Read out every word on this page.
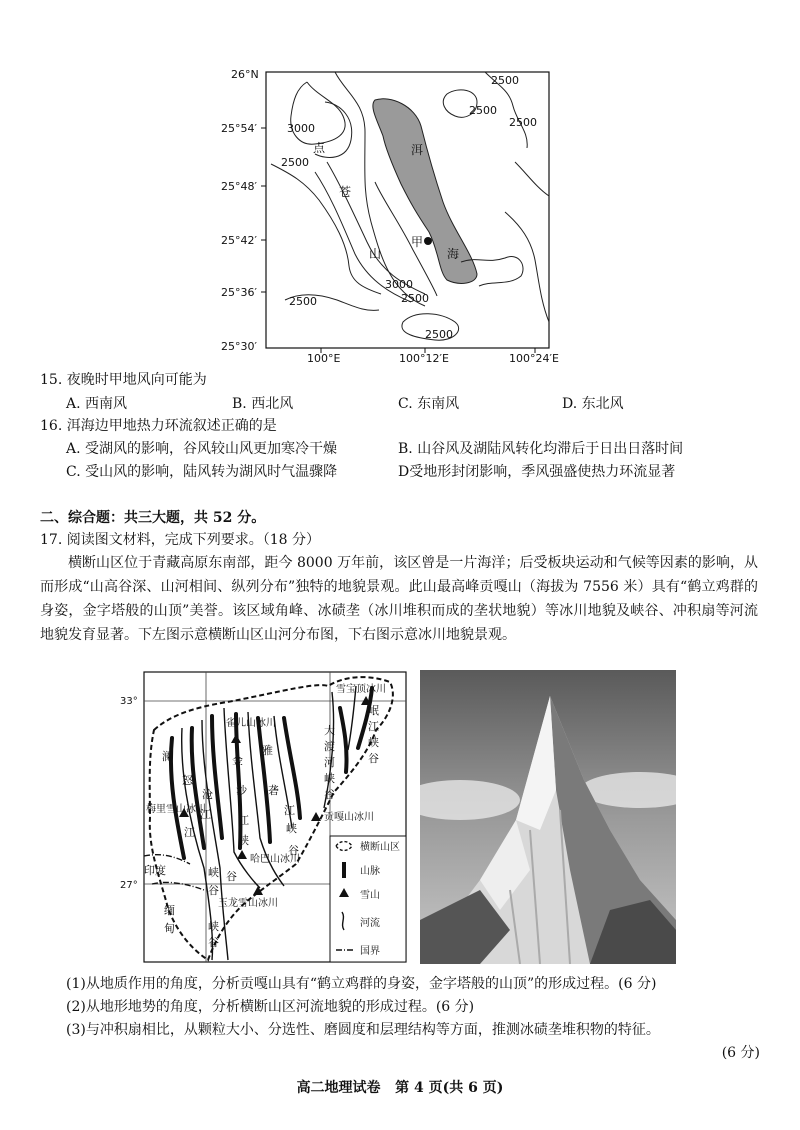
26°N
25°54′
25°48′
25°42′
25°36′
25°30′
100°E	100°12′E	100°24′E
2500
2500
2500
3000
2500
3000
2500
2500
2500
点
苍
山
洱
海
甲
15. 夜晚时甲地风向可能为
A. 西南风	B. 西北风	C. 东南风	D. 东北风
16. 洱海边甲地热力环流叙述正确的是
A. 受湖风的影响，谷风较山风更加寒冷干燥	B. 山谷风及湖陆风转化均滞后于日出日落时间
C. 受山风的影响，陆风转为湖风时气温骤降	D受地形封闭影响，季风强盛使热力环流显著
二、综合题：共三大题，共 52 分。
17. 阅读图文材料，完成下列要求。（18 分）
横断山区位于青藏高原东南部，距今 8000 万年前，该区曾是一片海洋；后受板块运动和气候等因素的影响，从而形成“山高谷深、山河相间、纵列分布”独特的地貌景观。此山最高峰贡嘎山（海拔为 7556 米）具有“鹤立鸡群的身姿，金字塔般的山顶”美誉。该区域角峰、冰碛垄（冰川堆积而成的垄状地貌）等冰川地貌及峡谷、冲积扇等河流地貌发育显著。下左图示意横断山区山河分布图，下右图示意冰川地貌景观。
33°
27°
雀儿山冰川
雪宝顶冰川
梅里雪山冰川
贡嘎山冰川
哈巴山冰川
玉龙雪山冰川
澜
沧
江
怒
江
金
沙
江
峡
谷
雅
砻
江
峡
谷
大
渡
河
峡
谷
岷
江
峡
谷
峡
谷
峡
谷
印度
缅
甸
横断山区
山脉
雪山
河流
国界
(1)从地质作用的角度，分析贡嘎山具有“鹤立鸡群的身姿，金字塔般的山顶”的形成过程。(6 分)
(2)从地形地势的角度，分析横断山区河流地貌的形成过程。(6 分)
(3)与冲积扇相比，从颗粒大小、分选性、磨圆度和层理结构等方面，推测冰碛垄堆积物的特征。
(6 分)
高二地理试卷   第 4 页(共 6 页)
